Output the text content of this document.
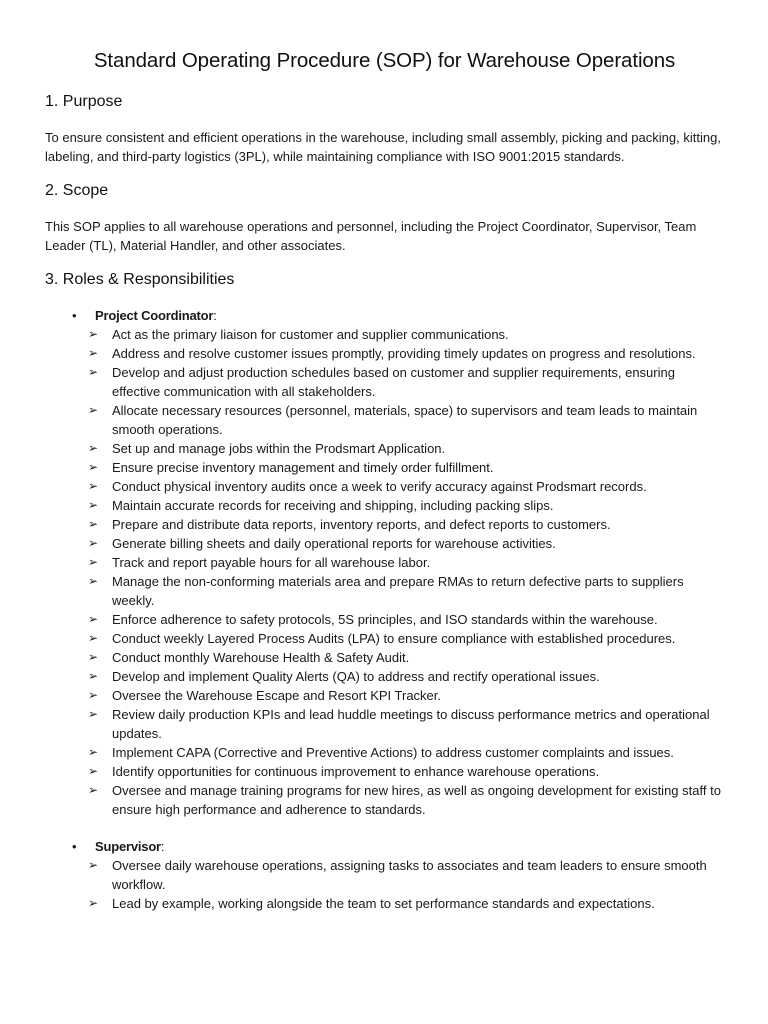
Standard Operating Procedure (SOP) for Warehouse Operations
1. Purpose

To ensure consistent and efficient operations in the warehouse, including small assembly, picking and packing, kitting, labeling, and third-party logistics (3PL), while maintaining compliance with ISO 9001:2015 standards.

2. Scope

This SOP applies to all warehouse operations and personnel, including the Project Coordinator, Supervisor, Team Leader (TL), Material Handler, and other associates.

3. Roles & Responsibilities
• Project Coordinator:
➢ Act as the primary liaison for customer and supplier communications.
➢ Address and resolve customer issues promptly, providing timely updates on progress and resolutions.
➢ Develop and adjust production schedules based on customer and supplier requirements, ensuring effective communication with all stakeholders.
➢ Allocate necessary resources (personnel, materials, space) to supervisors and team leads to maintain smooth operations.
➢ Set up and manage jobs within the Prodsmart Application.
➢ Ensure precise inventory management and timely order fulfillment.
➢ Conduct physical inventory audits once a week to verify accuracy against Prodsmart records.
➢ Maintain accurate records for receiving and shipping, including packing slips.
➢ Prepare and distribute data reports, inventory reports, and defect reports to customers.
➢ Generate billing sheets and daily operational reports for warehouse activities.
➢ Track and report payable hours for all warehouse labor.
➢ Manage the non-conforming materials area and prepare RMAs to return defective parts to suppliers weekly.
➢ Enforce adherence to safety protocols, 5S principles, and ISO standards within the warehouse.
➢ Conduct weekly Layered Process Audits (LPA) to ensure compliance with established procedures.
➢ Conduct monthly Warehouse Health & Safety Audit.
➢ Develop and implement Quality Alerts (QA) to address and rectify operational issues.
➢ Oversee the Warehouse Escape and Resort KPI Tracker.
➢ Review daily production KPIs and lead huddle meetings to discuss performance metrics and operational updates.
➢ Implement CAPA (Corrective and Preventive Actions) to address customer complaints and issues.
➢ Identify opportunities for continuous improvement to enhance warehouse operations.
➢ Oversee and manage training programs for new hires, as well as ongoing development for existing staff to ensure high performance and adherence to standards.
• Supervisor:
➢ Oversee daily warehouse operations, assigning tasks to associates and team leaders to ensure smooth workflow.
➢ Lead by example, working alongside the team to set performance standards and expectations.
